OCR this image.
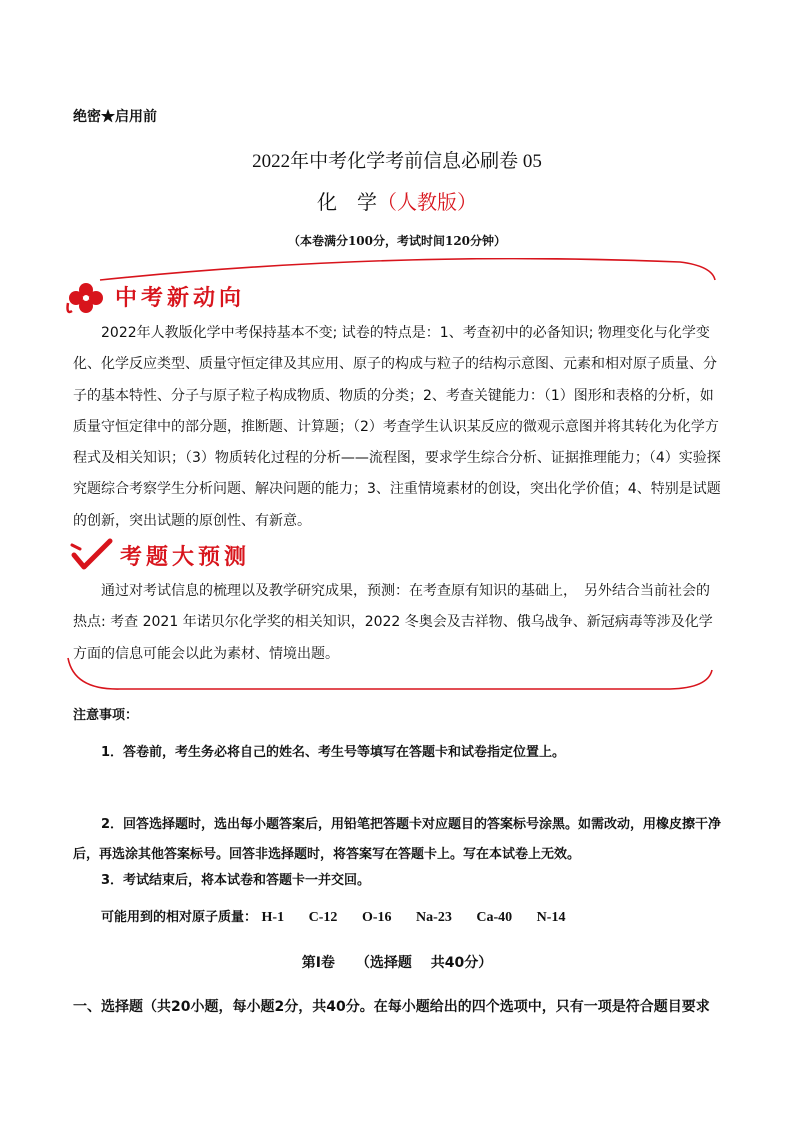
绝密★启用前
2022年中考化学考前信息必刷卷 05
化　学（人教版）
（本卷满分100分，考试时间120分钟）
中考新动向
2022年人教版化学中考保持基本不变; 试卷的特点是：1、考查初中的必备知识; 物理变化与化学变化、化学反应类型、质量守恒定律及其应用、原子的构成与粒子的结构示意图、元素和相对原子质量、分子的基本特性、分子与原子粒子构成物质、物质的分类；2、考查关键能力：（1）图形和表格的分析，如质量守恒定律中的部分题，推断题、计算题；（2）考查学生认识某反应的微观示意图并将其转化为化学方程式及相关知识；（3）物质转化过程的分析——流程图，要求学生综合分析、证据推理能力；（4）实验探究题综合考察学生分析问题、解决问题的能力；3、注重情境素材的创设，突出化学价值；4、特别是试题的创新，突出试题的原创性、有新意。
考题大预测
通过对考试信息的梳理以及教学研究成果，预测：在考查原有知识的基础上，　另外结合当前社会的热点: 考查 2021 年诺贝尔化学奖的相关知识，2022 冬奥会及吉祥物、俄乌战争、新冠病毒等涉及化学方面的信息可能会以此为素材、情境出题。
注意事项：
1．答卷前，考生务必将自己的姓名、考生号等填写在答题卡和试卷指定位置上。
2．回答选择题时，选出每小题答案后，用铅笔把答题卡对应题目的答案标号涂黑。如需改动，用橡皮擦干净后，再选涂其他答案标号。回答非选择题时，将答案写在答题卡上。写在本试卷上无效。
3．考试结束后，将本试卷和答题卡一并交回。
可能用到的相对原子质量： H-1 C-12 O-16 Na-23 Ca-40 N-14
第Ⅰ卷　　（选择题　 共40分）
一、选择题（共20小题，每小题2分，共40分。在每小题给出的四个选项中，只有一项是符合题目要求
